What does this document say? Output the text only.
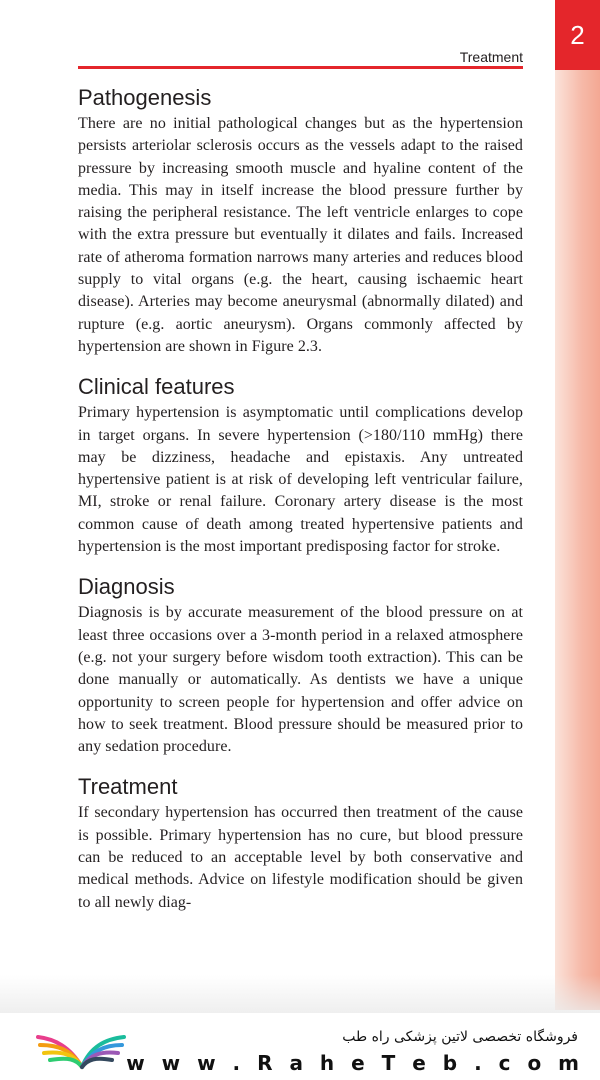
2
Treatment
Pathogenesis

There are no initial pathological changes but as the hypertension persists arteriolar sclerosis occurs as the vessels adapt to the raised pressure by increasing smooth muscle and hyaline content of the media. This may in itself increase the blood pressure further by raising the peripheral resistance. The left ventricle enlarges to cope with the extra pressure but eventually it dilates and fails. Increased rate of atheroma formation narrows many arteries and reduces blood supply to vital organs (e.g. the heart, causing ischaemic heart disease). Arteries may become aneurysmal (abnormally dilated) and rupture (e.g. aortic aneurysm). Organs commonly affected by hypertension are shown in Figure 2.3.

Clinical features

Primary hypertension is asymptomatic until complications develop in target organs. In severe hypertension (>180/110 mmHg) there may be dizziness, headache and epistaxis. Any untreated hypertensive patient is at risk of developing left ventricular failure, MI, stroke or renal failure. Coronary artery disease is the most common cause of death among treated hypertensive patients and hypertension is the most important predisposing factor for stroke.

Diagnosis

Diagnosis is by accurate measurement of the blood pressure on at least three occasions over a 3-month period in a relaxed atmosphere (e.g. not your surgery before wisdom tooth extraction). This can be done manually or automatically. As dentists we have a unique opportunity to screen people for hypertension and offer advice on how to seek treatment. Blood pressure should be measured prior to any sedation procedure.

Treatment

If secondary hypertension has occurred then treatment of the cause is possible. Primary hypertension has no cure, but blood pressure can be reduced to an acceptable level by both conservative and medical methods. Advice on lifestyle modification should be given to all newly diag-

فروشگاه تخصصی لاتین پزشکی راه طب
w w w . R a h e T e b . c o m
